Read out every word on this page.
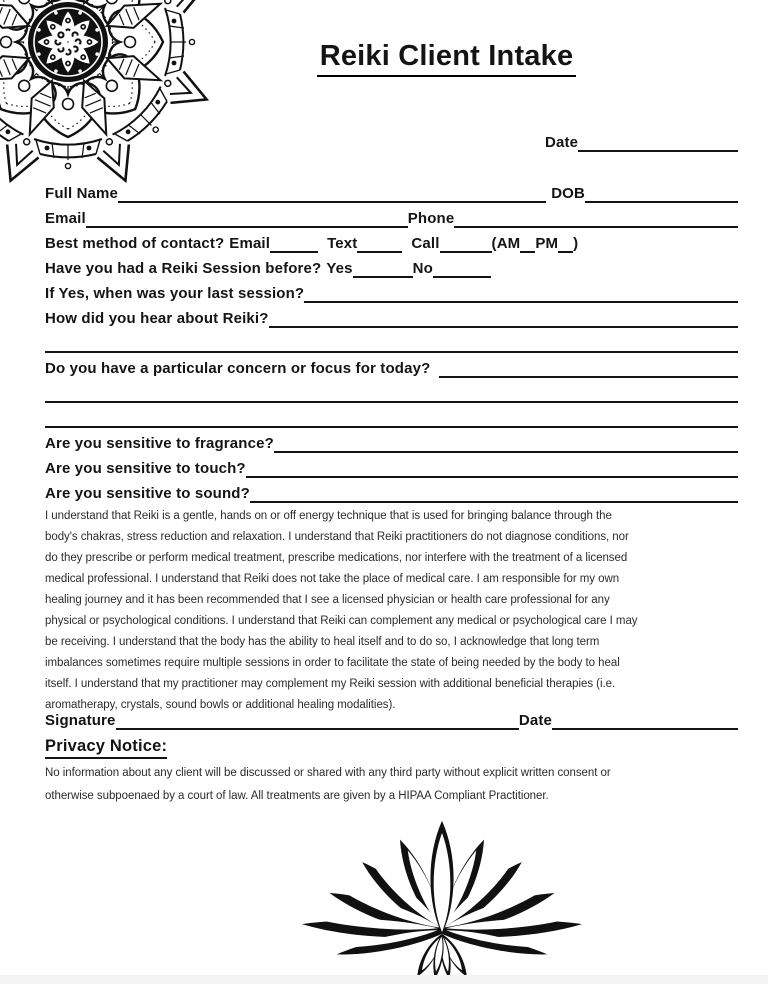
Reiki Client Intake
Date
Full Name	DOB
Email	Phone
Best method of contact? Email	Text	Call	(AM PM )
Have you had a Reiki Session before? Yes	No
If Yes, when was your last session?
How did you hear about Reiki?
Do you have a particular concern or focus for today?
Are you sensitive to fragrance?
Are you sensitive to touch?
Are you sensitive to sound?
I understand that Reiki is a gentle, hands on or off energy technique that is used for bringing balance through the
body's chakras, stress reduction and relaxation. I understand that Reiki practitioners do not diagnose conditions, nor
do they prescribe or perform medical treatment, prescribe medications, nor interfere with the treatment of a licensed
medical professional. I understand that Reiki does not take the place of medical care. I am responsible for my own
healing journey and it has been recommended that I see a licensed physician or health care professional for any
physical or psychological conditions. I understand that Reiki can complement any medical or psychological care I may
be receiving. I understand that the body has the ability to heal itself and to do so, I acknowledge that long term
imbalances sometimes require multiple sessions in order to facilitate the state of being needed by the body to heal
itself. I understand that my practitioner may complement my Reiki session with additional beneficial therapies (i.e.
aromatherapy, crystals, sound bowls or additional healing modalities).
Signature	Date
Privacy Notice:
No information about any client will be discussed or shared with any third party without explicit written consent or
otherwise subpoenaed by a court of law. All treatments are given by a HIPAA Compliant Practitioner.
